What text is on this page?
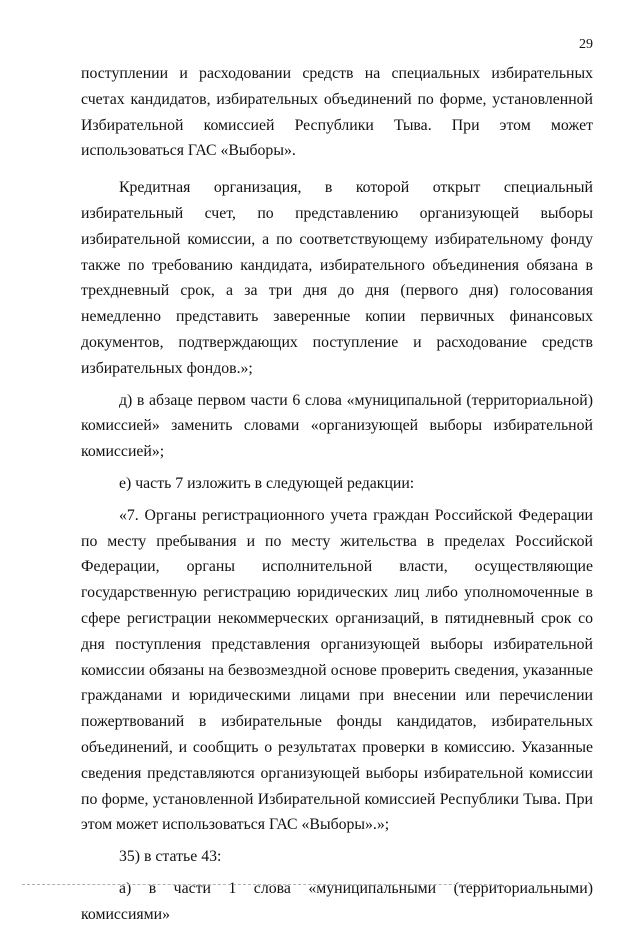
29

поступлении и расходовании средств на специальных избирательных счетах кандидатов, избирательных объединений по форме, установленной Избирательной комиссией Республики Тыва. При этом может использоваться ГАС «Выборы».

Кредитная организация, в которой открыт специальный избирательный счет, по представлению организующей выборы избирательной комиссии, а по соответствующему избирательному фонду также по требованию кандидата, избирательного объединения обязана в трехдневный срок, а за три дня до дня (первого дня) голосования немедленно представить заверенные копии первичных финансовых документов, подтверждающих поступление и расходование средств избирательных фондов.»;

д) в абзаце первом части 6 слова «муниципальной (территориальной) комиссией» заменить словами «организующей выборы избирательной комиссией»;

е) часть 7 изложить в следующей редакции:

«7. Органы регистрационного учета граждан Российской Федерации по месту пребывания и по месту жительства в пределах Российской Федерации, органы исполнительной власти, осуществляющие государственную регистрацию юридических лиц либо уполномоченные в сфере регистрации некоммерческих организаций, в пятидневный срок со дня поступления представления организующей выборы избирательной комиссии обязаны на безвозмездной основе проверить сведения, указанные гражданами и юридическими лицами при внесении или перечислении пожертвований в избирательные фонды кандидатов, избирательных объединений, и сообщить о результатах проверки в комиссию. Указанные сведения представляются организующей выборы избирательной комиссии по форме, установленной Избирательной комиссией Республики Тыва. При этом может использоваться ГАС «Выборы».»;

35) в статье 43:

а) в части 1 слова «муниципальными (территориальными) комиссиями»
